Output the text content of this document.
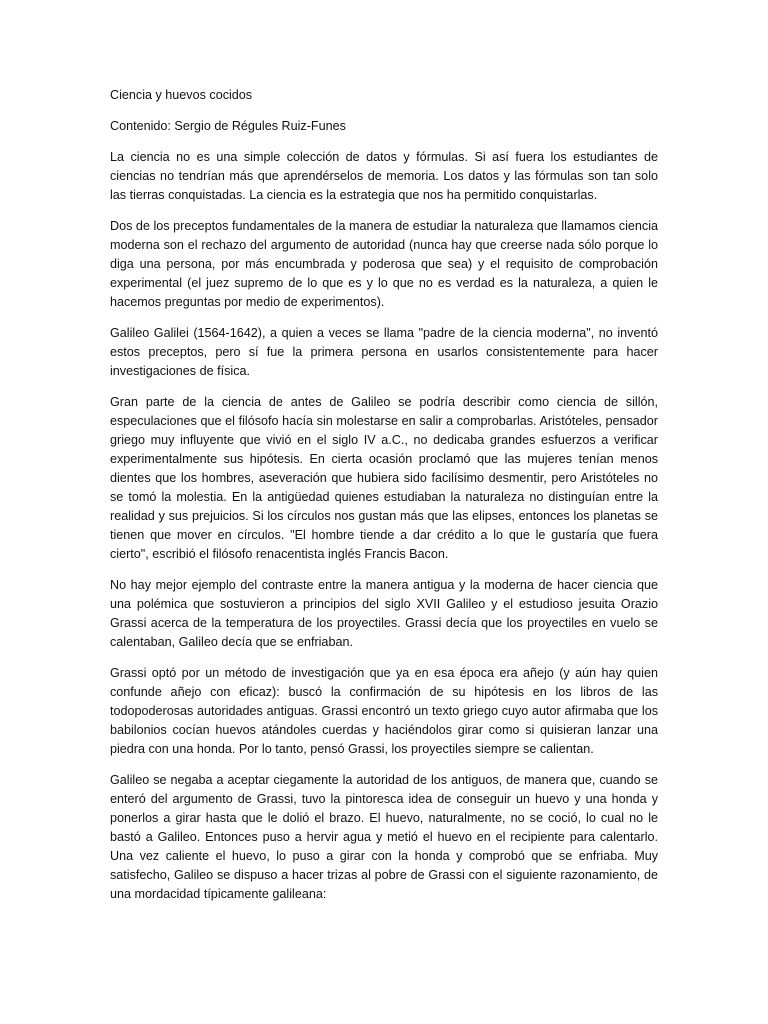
Ciencia y huevos cocidos

Contenido: Sergio de Régules Ruiz-Funes

La ciencia no es una simple colección de datos y fórmulas. Si así fuera los estudiantes de ciencias no tendrían más que aprendérselos de memoria. Los datos y las fórmulas son tan solo las tierras conquistadas. La ciencia es la estrategia que nos ha permitido conquistarlas.

Dos de los preceptos fundamentales de la manera de estudiar la naturaleza que llamamos ciencia moderna son el rechazo del argumento de autoridad (nunca hay que creerse nada sólo porque lo diga una persona, por más encumbrada y poderosa que sea) y el requisito de comprobación experimental (el juez supremo de lo que es y lo que no es verdad es la naturaleza, a quien le hacemos preguntas por medio de experimentos).

Galileo Galilei (1564-1642), a quien a veces se llama "padre de la ciencia moderna", no inventó estos preceptos, pero sí fue la primera persona en usarlos consistentemente para hacer investigaciones de física.

Gran parte de la ciencia de antes de Galileo se podría describir como ciencia de sillón, especulaciones que el filósofo hacía sin molestarse en salir a comprobarlas. Aristóteles, pensador griego muy influyente que vivió en el siglo IV a.C., no dedicaba grandes esfuerzos a verificar experimentalmente sus hipótesis. En cierta ocasión proclamó que las mujeres tenían menos dientes que los hombres, aseveración que hubiera sido facilísimo desmentir, pero Aristóteles no se tomó la molestia. En la antigüedad quienes estudiaban la naturaleza no distinguían entre la realidad y sus prejuicios. Si los círculos nos gustan más que las elipses, entonces los planetas se tienen que mover en círculos. "El hombre tiende a dar crédito a lo que le gustaría que fuera cierto", escribió el filósofo renacentista inglés Francis Bacon.

No hay mejor ejemplo del contraste entre la manera antigua y la moderna de hacer ciencia que una polémica que sostuvieron a principios del siglo XVII Galileo y el estudioso jesuita Orazio Grassi acerca de la temperatura de los proyectiles. Grassi decía que los proyectiles en vuelo se calentaban, Galileo decía que se enfriaban.

Grassi optó por un método de investigación que ya en esa época era añejo (y aún hay quien confunde añejo con eficaz): buscó la confirmación de su hipótesis en los libros de las todopoderosas autoridades antiguas. Grassi encontró un texto griego cuyo autor afirmaba que los babilonios cocían huevos atándoles cuerdas y haciéndolos girar como si quisieran lanzar una piedra con una honda. Por lo tanto, pensó Grassi, los proyectiles siempre se calientan.

Galileo se negaba a aceptar ciegamente la autoridad de los antiguos, de manera que, cuando se enteró del argumento de Grassi, tuvo la pintoresca idea de conseguir un huevo y una honda y ponerlos a girar hasta que le dolió el brazo. El huevo, naturalmente, no se coció, lo cual no le bastó a Galileo. Entonces puso a hervir agua y metió el huevo en el recipiente para calentarlo. Una vez caliente el huevo, lo puso a girar con la honda y comprobó que se enfriaba. Muy satisfecho, Galileo se dispuso a hacer trizas al pobre de Grassi con el siguiente razonamiento, de una mordacidad típicamente galileana:
